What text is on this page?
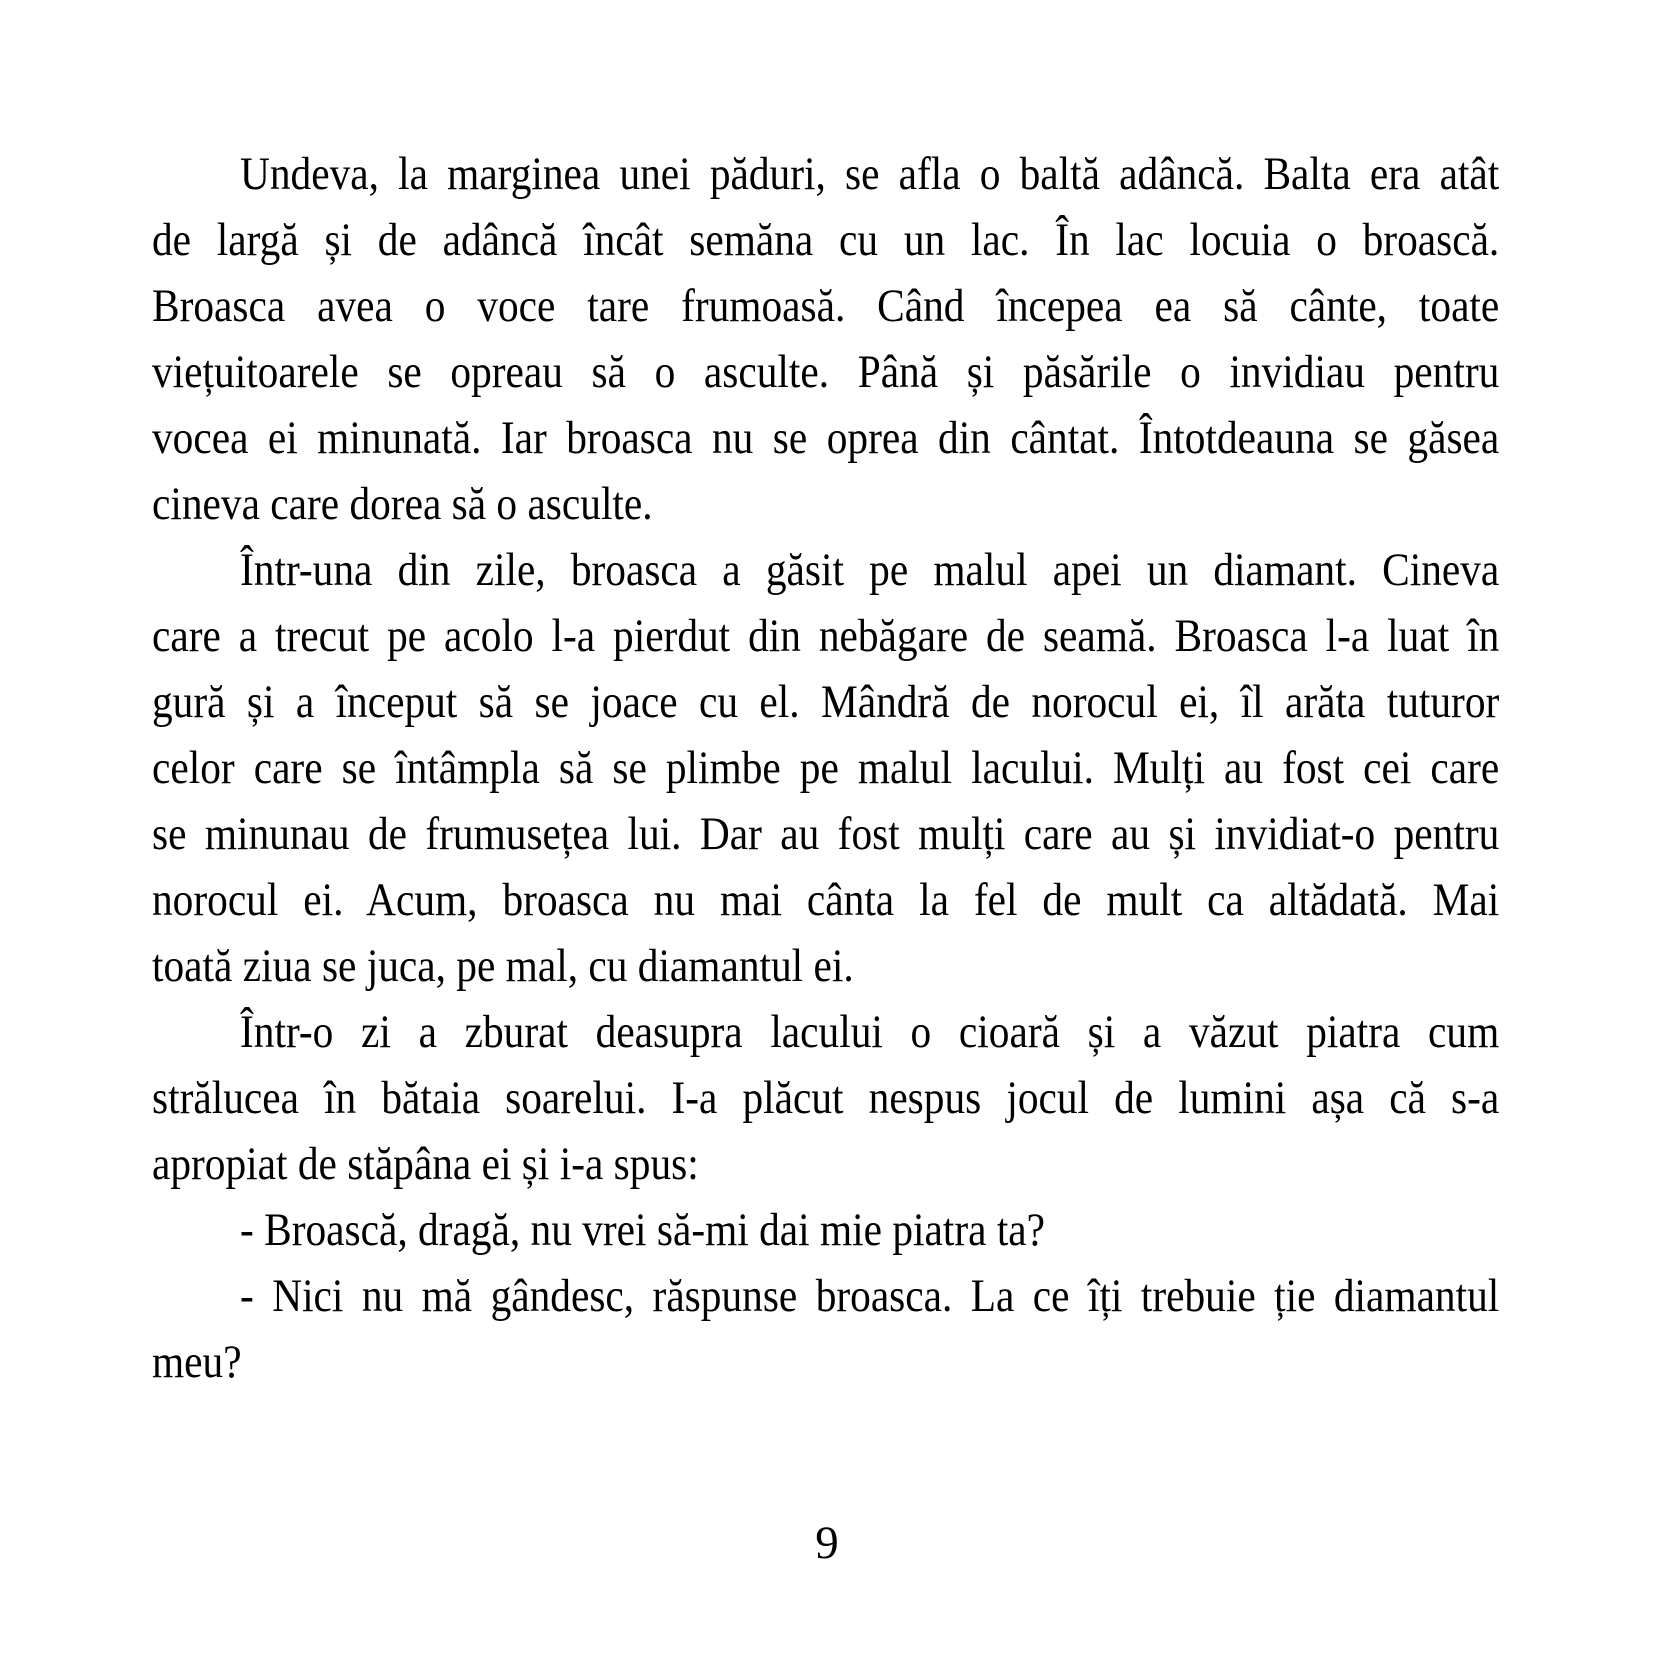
Undeva, la marginea unei păduri, se afla o baltă adâncă. Balta era atât
de largă și de adâncă încât semăna cu un lac. În lac locuia o broască.
Broasca avea o voce tare frumoasă. Când începea ea să cânte, toate
viețuitoarele se opreau să o asculte. Până și păsările o invidiau pentru
vocea ei minunată. Iar broasca nu se oprea din cântat. Întotdeauna se găsea
cineva care dorea să o asculte.
Într-una din zile, broasca a găsit pe malul apei un diamant. Cineva
care a trecut pe acolo l-a pierdut din nebăgare de seamă. Broasca l-a luat în
gură și a început să se joace cu el. Mândră de norocul ei, îl arăta tuturor
celor care se întâmpla să se plimbe pe malul lacului. Mulți au fost cei care
se minunau de frumusețea lui. Dar au fost mulți care au și invidiat-o pentru
norocul ei. Acum, broasca nu mai cânta la fel de mult ca altădată. Mai
toată ziua se juca, pe mal, cu diamantul ei.
Într-o zi a zburat deasupra lacului o cioară și a văzut piatra cum
strălucea în bătaia soarelui. I-a plăcut nespus jocul de lumini așa că s-a
apropiat de stăpâna ei și i-a spus:
- Broască, dragă, nu vrei să-mi dai mie piatra ta?
- Nici nu mă gândesc, răspunse broasca. La ce îți trebuie ție diamantul
meu?
9
